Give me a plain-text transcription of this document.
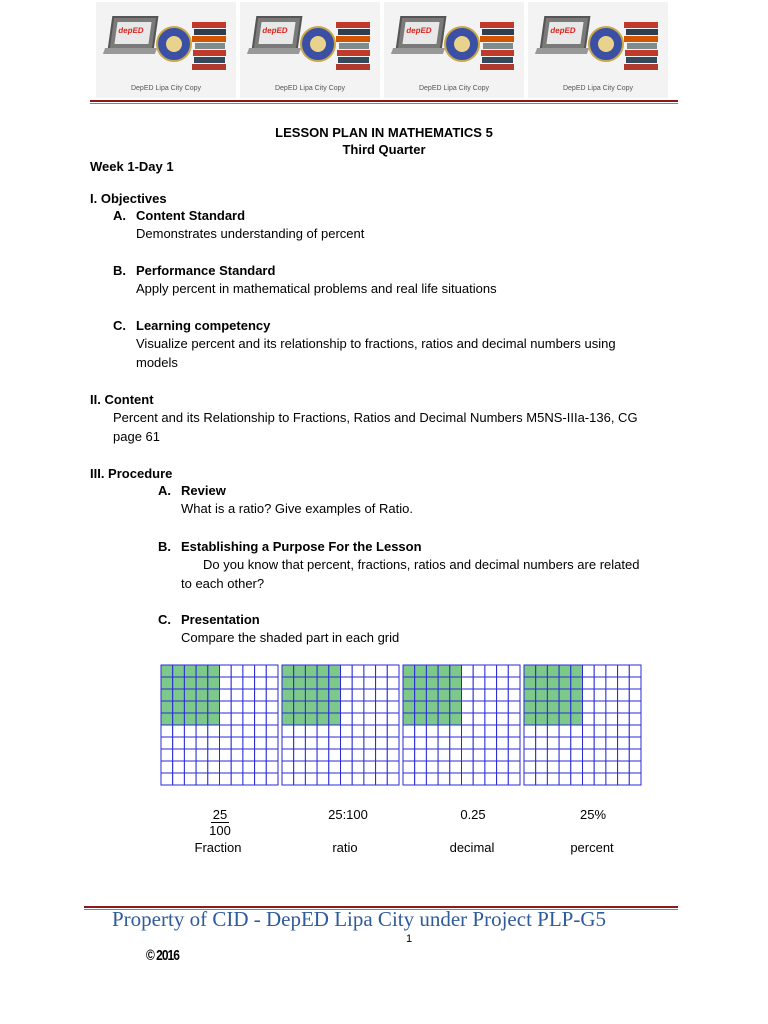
depED
DepED Lipa City Copy
depED
DepED Lipa City Copy
depED
DepED Lipa City Copy
depED
DepED Lipa City Copy
LESSON PLAN IN MATHEMATICS 5
Third Quarter
Week 1-Day 1
I. Objectives
A. Content Standard
Demonstrates understanding of percent
B. Performance Standard
Apply percent in mathematical problems and real life situations
C. Learning competency
Visualize percent and its relationship to fractions, ratios and decimal numbers using
models
II. Content
Percent and its Relationship to Fractions, Ratios and Decimal Numbers M5NS-IIIa-136, CG
page 61
III. Procedure
A. Review
What is a ratio? Give examples of Ratio.
B. Establishing a Purpose For the Lesson
Do you know that percent, fractions, ratios and decimal numbers are related
to each other?
C. Presentation
Compare the shaded part in each grid
25
100
Fraction
25:100
ratio
0.25
decimal
25%
percent
Property of CID - DepED Lipa City under Project PLP-G5
1
© 2016
